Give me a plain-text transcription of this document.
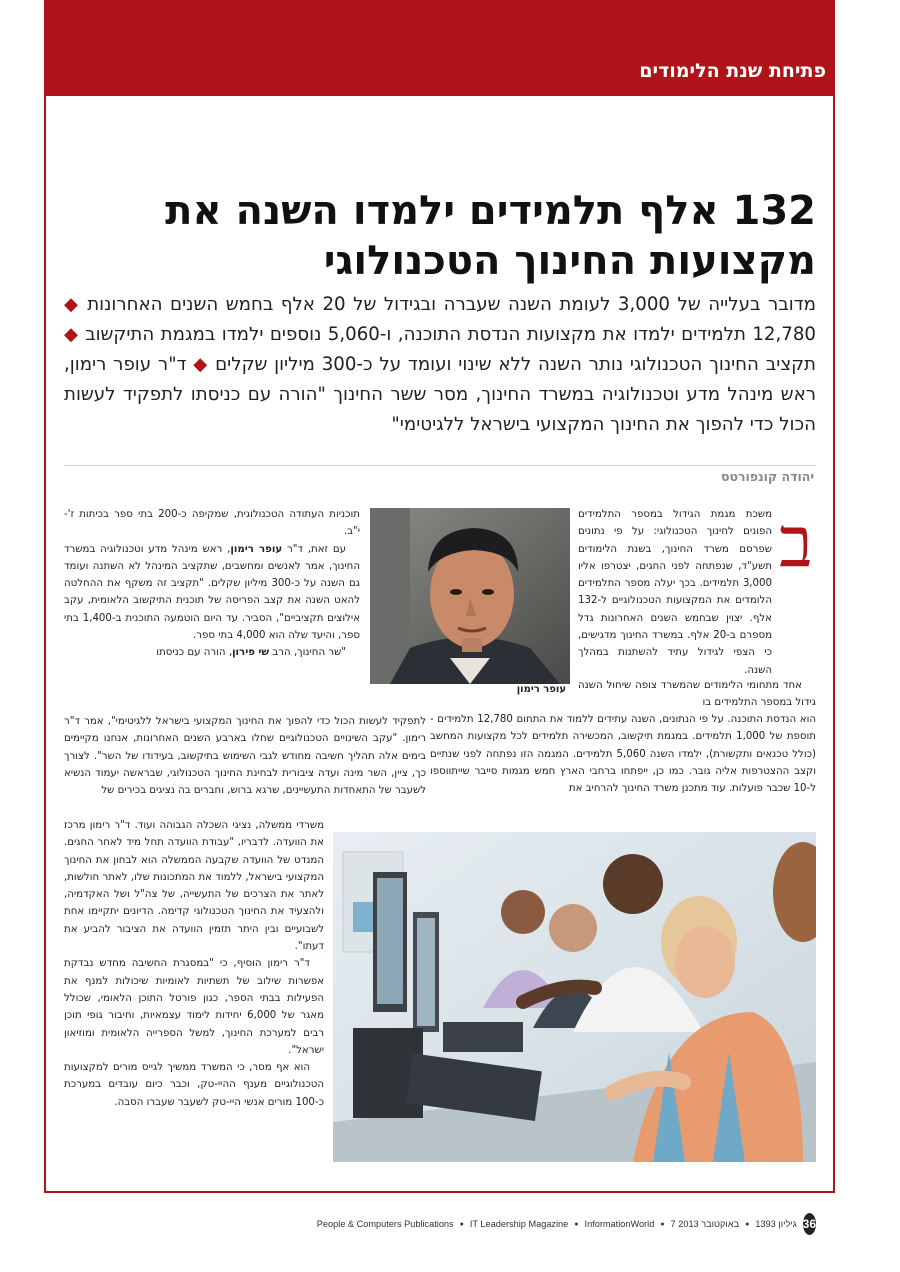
פתיחת שנת הלימודים
132 אלף תלמידים ילמדו השנה את מקצועות החינוך הטכנולוגי
מדובר בעלייה של 3,000 לעומת השנה שעברה ובגידול של 20 אלף בחמש השנים האחרונות ◆ 12,780 תלמידים ילמדו את מקצועות הנדסת התוכנה, ו-5,060 נוספים ילמדו במגמת התיקשוב ◆ תקציב החינוך הטכנולוגי נותר השנה ללא שינוי ועומד על כ-300 מיליון שקלים ◆ ד"ר עופר רימון, ראש מינהל מדע וטכנולוגיה במשרד החינוך, מסר ששר החינוך "הורה עם כניסתו לתפקיד לעשות הכול כדי להפוך את החינוך המקצועי בישראל ללגיטימי"
יהודה קונפורטס
ב

משכת מגמת הגידול במספר התלמידים הפונים לחינוך הטכנולוגי: על פי נתונים שפרסם משרד החינוך, בשנת הלימודים תשע"ד, שנפתחה לפני החגים, יצטרפו אליו 3,000 תלמידים. בכך יעלה מספר התלמידים הלומדים את המקצועות הטכנולוגיים ל-132 אלף. יצוין שבחמש השנים האחרונות גדל מספרם ב-20 אלף. במשרד החינוך מדגישים, כי הצפי לגידול עתיד להשתנות במהלך השנה.

אחד מתחומי הלימודים שהמשרד צופה שיחול השנה גידול במספר התלמידים בו

הוא הנדסת התוכנה. על פי הנתונים, השנה עתידים ללמוד את התחום 12,780 תלמידים - תוספת של 1,000 תלמידים. במגמת תיקשוב, המכשירה תלמידים לכל מקצועות המחשב (כולל טכנאים ותקשורת), ילמדו השנה 5,060 תלמידים. המגמה הזו נפתחה לפני שנתיים וקצב ההצטרפות אליה גובר. כמו כן, ייפתחו ברחבי הארץ חמש מגמות סייבר שייתווספו ל-10 שכבר פועלות. עוד מתכנן משרד החינוך להרחיב את

תוכניות העתודה הטכנולוגית, שמקיפה כ-200 בתי ספר בכיתות ז'-י"ב.

עם זאת, ד"ר עופר רימון, ראש מינהל מדע וטכנולוגיה במשרד החינוך, אמר לאנשים ומחשבים, שתקציב המינהל לא השתנה ועומד גם השנה על כ-300 מיליון שקלים. "תקציב זה משקף את ההחלטה להאט השנה את קצב הפריסה של תוכנית התיקשוב הלאומית, עקב אילוצים תקציביים", הסביר. עד היום הוטמעה התוכנית ב-1,400 בתי ספר, והיעד שלה הוא 4,000 בתי ספר.

"שר החינוך, הרב שי פירון, הורה עם כניסתו

לתפקיד לעשות הכול כדי להפוך את החינוך המקצועי בישראל ללגיטימי", אמר ד"ר רימון. "עקב השינויים הטכנולוגיים שחלו בארבע השנים האחרונות, אנחנו מקיימים בימים אלה תהליך חשיבה מחודש לגבי השימוש בתיקשוב, בעידודו של השר". לצורך כך, ציין, השר מינה ועדה ציבורית לבחינת החינוך הטכנולוגי, שבראשה יעמוד הנשיא לשעבר של התאחדות התעשיינים, שרגא ברוש, וחברים בה נציגים בכירים של

משרדי ממשלה, נציגי השכלה הגבוהה ועוד. ד"ר רימון מרכז את הוועדה. לדבריו, "עבודת הוועדה תחל מיד לאחר החגים. המנדט של הוועדה שקבעה הממשלה הוא לבחון את החינוך המקצועי בישראל, ללמוד את המתכונות שלו, לאתר חולשות, לאתר את הצרכים של התעשייה, של צה"ל ושל האקדמיה, ולהצעיד את החינוך הטכנולוגי קדימה. הדיונים יתקיימו אחת לשבועיים ובין היתר תזמין הוועדה את הציבור להביע את דעתו".

ד"ר רימון הוסיף, כי "במסגרת החשיבה מחדש נבדקת אפשרות שילוב של תשתיות לאומיות שיכולות למנף את הפעילות בבתי הספר, כגון פורטל התוכן הלאומי, שכולל מאגר של 6,000 יחידות לימוד עצמאיות, וחיבור גופי תוכן רבים למערכת החינוך, למשל הספרייה הלאומית ומוזיאון ישראל".

הוא אף מסר, כי המשרד ממשיך לגייס מורים למקצועות הטכנולוגיים מענף ההיי-טק, וכבר כיום עובדים במערכת כ-100 מורים אנשי היי-טק לשעבר שעברו הסבה.

עופר רימון
36
גיליון 1393
●
7 באוקטובר 2013
●
InformationWorld
●
IT Leadership Magazine
●
People & Computers Publications
